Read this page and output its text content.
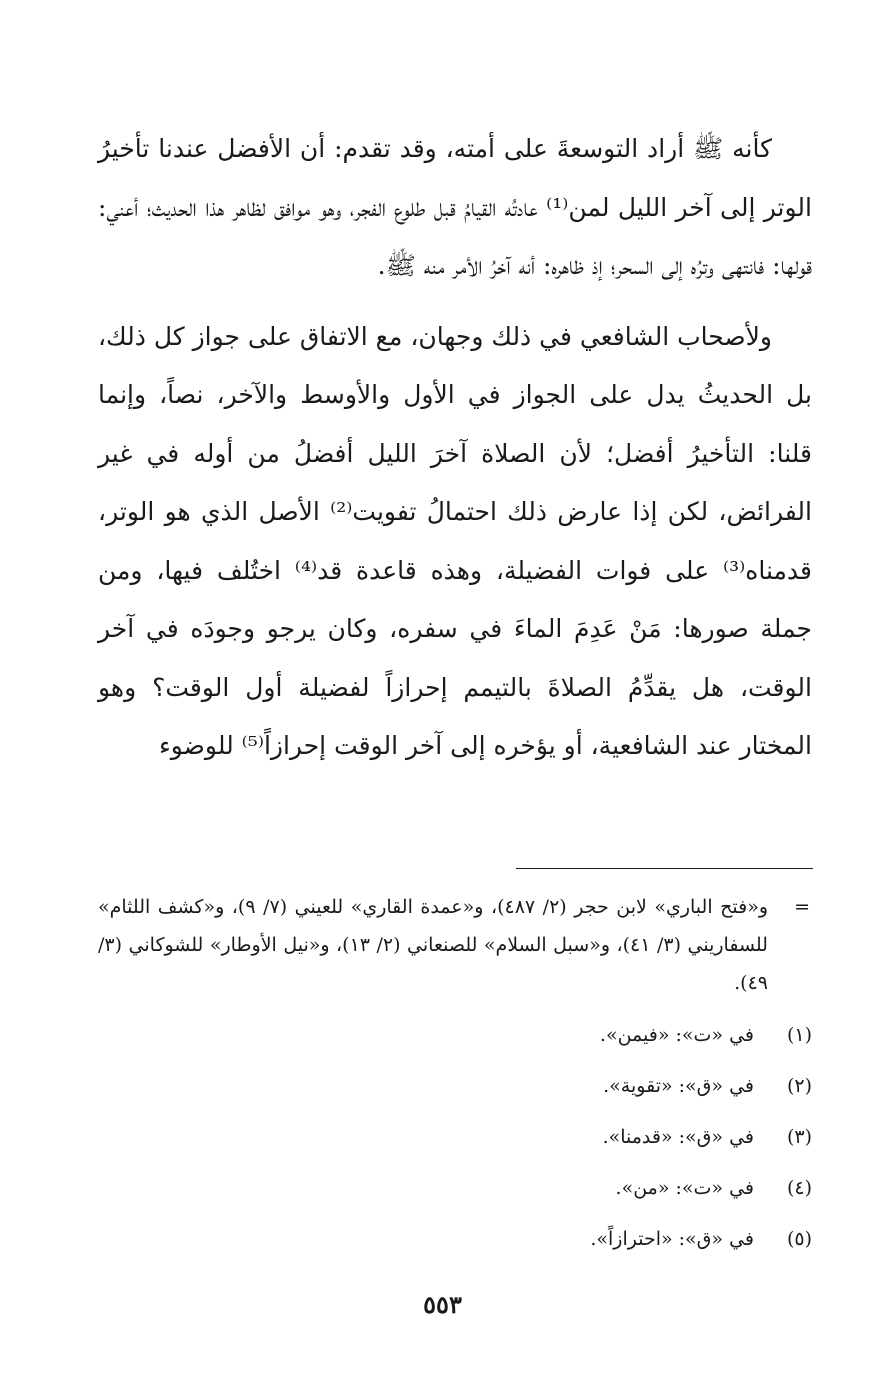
كأنه ﷺ أراد التوسعةَ على أمته، وقد تقدم: أن الأفضل عندنا تأخيرُ الوتر إلى آخر الليل لمن⁽¹⁾ عادتُه القيامُ قبل طلوع الفجر، وهو موافق لظاهر هذا الحديث؛ أعني: قولها: فانتهى وترُه إلى السحر؛ إذ ظاهره: أنه آخرُ الأمر منه ﷺ.

ولأصحاب الشافعي في ذلك وجهان، مع الاتفاق على جواز كل ذلك، بل الحديثُ يدل على الجواز في الأول والأوسط والآخر، نصاً، وإنما قلنا: التأخيرُ أفضل؛ لأن الصلاة آخرَ الليل أفضلُ من أوله في غير الفرائض، لكن إذا عارض ذلك احتمالُ تفويت⁽²⁾ الأصل الذي هو الوتر، قدمناه⁽³⁾ على فوات الفضيلة، وهذه قاعدة قد⁽⁴⁾ اختُلف فيها، ومن جملة صورها: مَنْ عَدِمَ الماءَ في سفره، وكان يرجو وجودَه في آخر الوقت، هل يقدِّمُ الصلاةَ بالتيمم إحرازاً لفضيلة أول الوقت؟ وهو المختار عند الشافعية، أو يؤخره إلى آخر الوقت إحرازاً⁽⁵⁾ للوضوء

=
و«فتح الباري» لابن حجر (٢/ ٤٨٧)، و«عمدة القاري» للعيني (٧/ ٩)، و«كشف اللثام» للسفاريني (٣/ ٤١)، و«سبل السلام» للصنعاني (٢/ ١٣)، و«نيل الأوطار» للشوكاني (٣/ ٤٩).

(١)
في «ت»: «فيمن».
(٢)
في «ق»: «تقوية».
(٣)
في «ق»: «قدمنا».
(٤)
في «ت»: «من».
(٥)
في «ق»: «احترازاً».
٥٥٣
